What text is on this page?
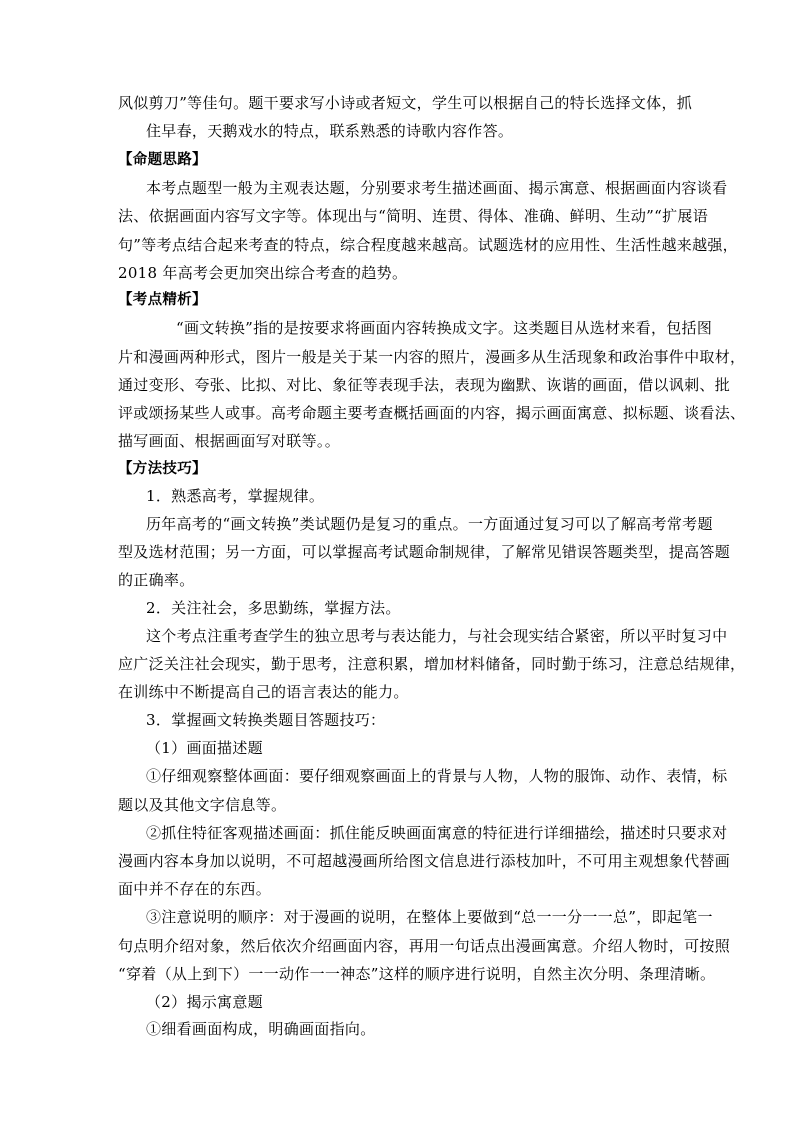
风似剪刀”等佳句。题干要求写小诗或者短文，学生可以根据自己的特长选择文体，抓
住早春，天鹅戏水的特点，联系熟悉的诗歌内容作答。
【命题思路】
本考点题型一般为主观表达题，分别要求考生描述画面、揭示寓意、根据画面内容谈看
法、依据画面内容写文字等。体现出与“简明、连贯、得体、准确、鲜明、生动”“扩展语
句”等考点结合起来考查的特点，综合程度越来越高。试题选材的应用性、生活性越来越强，
2018 年高考会更加突出综合考查的趋势。
【考点精析】
“画文转换”指的是按要求将画面内容转换成文字。这类题目从选材来看，包括图
片和漫画两种形式，图片一般是关于某一内容的照片，漫画多从生活现象和政治事件中取材，
通过变形、夸张、比拟、对比、象征等表现手法，表现为幽默、诙谐的画面，借以讽刺、批
评或颂扬某些人或事。高考命题主要考查概括画面的内容，揭示画面寓意、拟标题、谈看法、
描写画面、根据画面写对联等。。
【方法技巧】
1．熟悉高考，掌握规律。
历年高考的“画文转换”类试题仍是复习的重点。一方面通过复习可以了解高考常考题
型及选材范围；另一方面，可以掌握高考试题命制规律，了解常见错误答题类型，提高答题
的正确率。
2．关注社会，多思勤练，掌握方法。
这个考点注重考查学生的独立思考与表达能力，与社会现实结合紧密，所以平时复习中
应广泛关注社会现实，勤于思考，注意积累，增加材料储备，同时勤于练习，注意总结规律，
在训练中不断提高自己的语言表达的能力。
3．掌握画文转换类题目答题技巧：
（1）画面描述题
①仔细观察整体画面：要仔细观察画面上的背景与人物，人物的服饰、动作、表情，标
题以及其他文字信息等。
②抓住特征客观描述画面：抓住能反映画面寓意的特征进行详细描绘，描述时只要求对
漫画内容本身加以说明，不可超越漫画所给图文信息进行添枝加叶，不可用主观想象代替画
面中并不存在的东西。
③注意说明的顺序：对于漫画的说明，在整体上要做到“总一一分一一总”，即起笔一
句点明介绍对象，然后依次介绍画面内容，再用一句话点出漫画寓意。介绍人物时，可按照
“穿着（从上到下）一一动作一一神态”这样的顺序进行说明，自然主次分明、条理清晰。
（2）揭示寓意题
①细看画面构成，明确画面指向。
